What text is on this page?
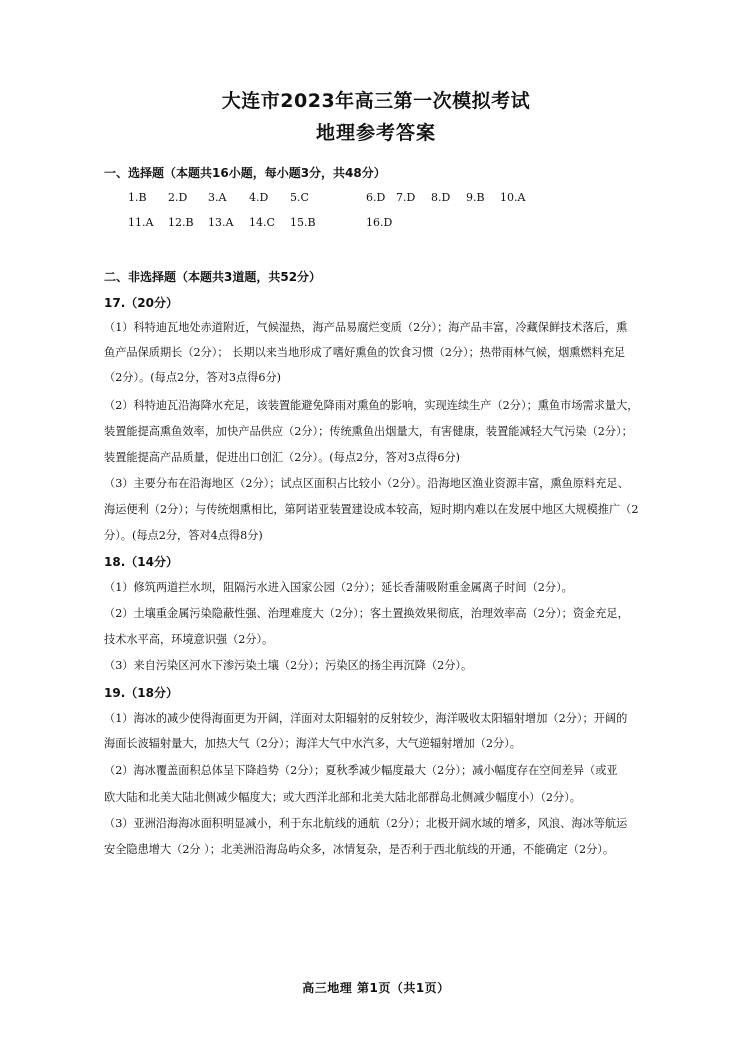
大连市2023年高三第一次模拟考试
地理参考答案
一、选择题（本题共16小题，每小题3分，共48分）
1.B 2.D 3.A 4.D 5.C	6.D 7.D 8.D 9.B 10.A
11.A 12.B 13.A 14.C 15.B	16.D
二、非选择题（本题共3道题，共52分）
17.（20分）
（1）科特迪瓦地处赤道附近，气候湿热，海产品易腐烂变质（2分）；海产品丰富，冷藏保鲜技术落后，熏
鱼产品保质期长（2分）； 长期以来当地形成了嗜好熏鱼的饮食习惯（2分）；热带雨林气候，烟熏燃料充足
（2分）。(每点2分，答对3点得6分)
（2）科特迪瓦沿海降水充足，该装置能避免降雨对熏鱼的影响，实现连续生产（2分）；熏鱼市场需求量大，
装置能提高熏鱼效率，加快产品供应（2分）；传统熏鱼出烟量大，有害健康，装置能减轻大气污染（2分）；
装置能提高产品质量，促进出口创汇（2分）。(每点2分，答对3点得6分)
（3）主要分布在沿海地区（2分）；试点区面积占比较小（2分）。沿海地区渔业资源丰富，熏鱼原料充足、
海运便利（2分）；与传统烟熏相比，第阿诺亚装置建设成本较高，短时期内难以在发展中地区大规模推广（2
分）。(每点2分，答对4点得8分)
18.（14分）
（1）修筑两道拦水坝，阻隔污水进入国家公园（2分）；延长香蒲吸附重金属离子时间（2分）。
（2）土壤重金属污染隐蔽性强、治理难度大（2分）；客土置换效果彻底，治理效率高（2分）；资金充足，
技术水平高，环境意识强（2分）。
（3）来自污染区河水下渗污染土壤（2分）；污染区的扬尘再沉降（2分）。
19.（18分）
（1）海冰的减少使得海面更为开阔，洋面对太阳辐射的反射较少，海洋吸收太阳辐射增加（2分）；开阔的
海面长波辐射量大，加热大气（2分）；海洋大气中水汽多，大气逆辐射增加（2分）。
（2）海冰覆盖面积总体呈下降趋势（2分）；夏秋季减少幅度最大（2分）；减小幅度存在空间差异（或亚
欧大陆和北美大陆北侧减少幅度大；或大西洋北部和北美大陆北部群岛北侧减少幅度小）（2分）。
（3）亚洲沿海海冰面积明显减小，利于东北航线的通航（2分）；北极开阔水域的增多，风浪、海冰等航运
安全隐患增大（2分 ）；北美洲沿海岛屿众多，冰情复杂，是否利于西北航线的开通，不能确定（2分）。
高三地理 第1页（共1页）
